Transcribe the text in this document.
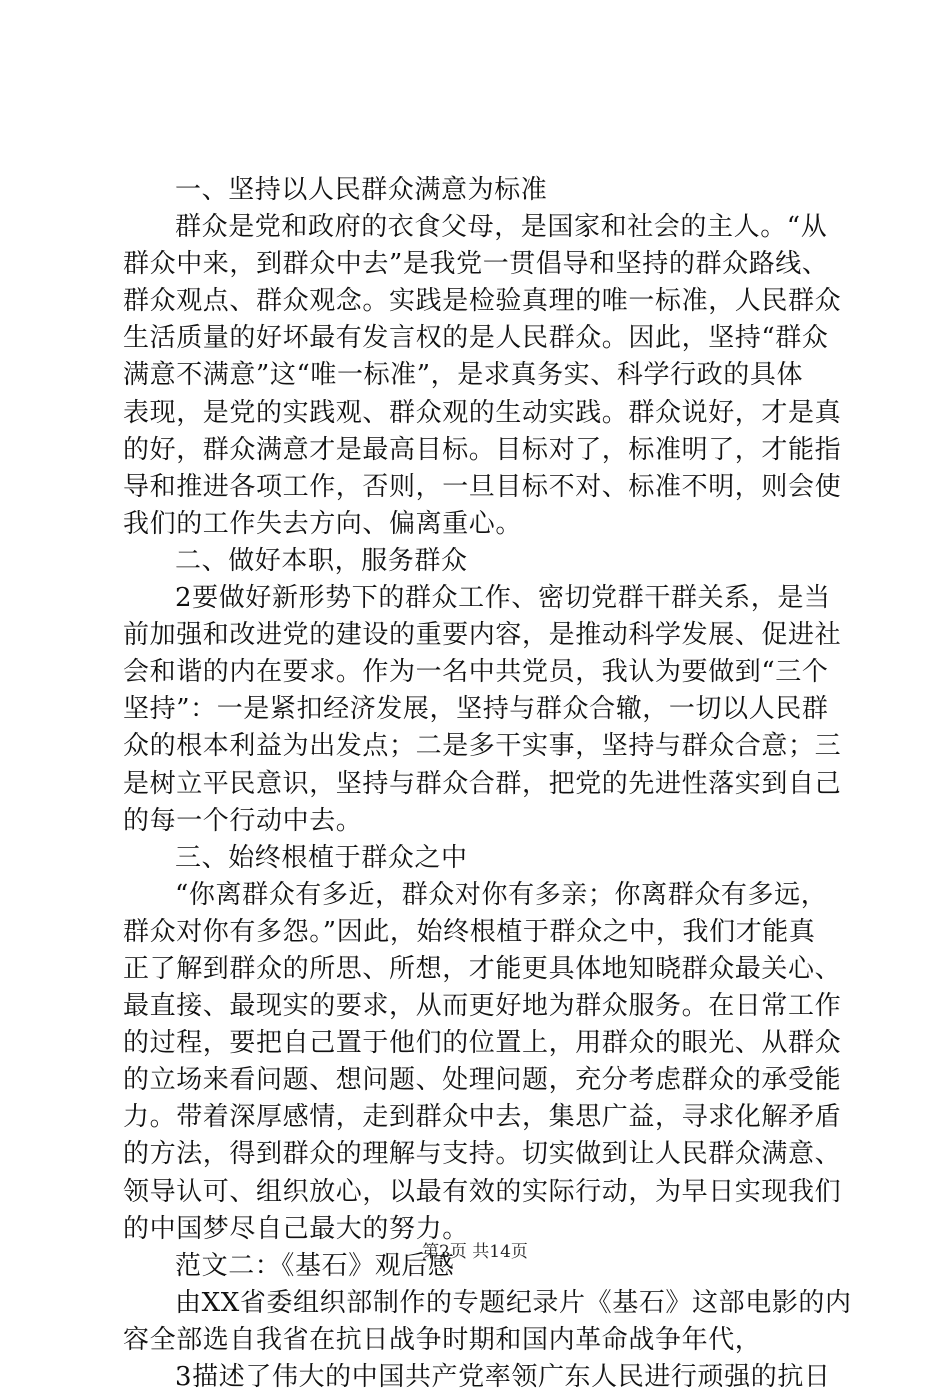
一、坚持以人民群众满意为标准
群众是党和政府的衣食父母，是国家和社会的主人。“从
群众中来，到群众中去”是我党一贯倡导和坚持的群众路线、
群众观点、群众观念。实践是检验真理的唯一标准，人民群众
生活质量的好坏最有发言权的是人民群众。因此，坚持“群众
满意不满意”这“唯一标准”，是求真务实、科学行政的具体
表现，是党的实践观、群众观的生动实践。群众说好，才是真
的好，群众满意才是最高目标。目标对了，标准明了，才能指
导和推进各项工作，否则，一旦目标不对、标准不明，则会使
我们的工作失去方向、偏离重心。
二、做好本职，服务群众
2要做好新形势下的群众工作、密切党群干群关系，是当
前加强和改进党的建设的重要内容，是推动科学发展、促进社
会和谐的内在要求。作为一名中共党员，我认为要做到“三个
坚持”：一是紧扣经济发展，坚持与群众合辙，一切以人民群
众的根本利益为出发点；二是多干实事，坚持与群众合意；三
是树立平民意识，坚持与群众合群，把党的先进性落实到自己
的每一个行动中去。
三、始终根植于群众之中
“你离群众有多近，群众对你有多亲；你离群众有多远，
群众对你有多怨。”因此，始终根植于群众之中，我们才能真
正了解到群众的所思、所想，才能更具体地知晓群众最关心、
最直接、最现实的要求，从而更好地为群众服务。在日常工作
的过程，要把自己置于他们的位置上，用群众的眼光、从群众
的立场来看问题、想问题、处理问题，充分考虑群众的承受能
力。带着深厚感情，走到群众中去，集思广益，寻求化解矛盾
的方法，得到群众的理解与支持。切实做到让人民群众满意、
领导认可、组织放心，以最有效的实际行动，为早日实现我们
的中国梦尽自己最大的努力。
范文二：《基石》观后感
由XX省委组织部制作的专题纪录片《基石》这部电影的内
容全部选自我省在抗日战争时期和国内革命战争年代，
3描述了伟大的中国共产党率领广东人民进行顽强的抗日
第2页 共14页
